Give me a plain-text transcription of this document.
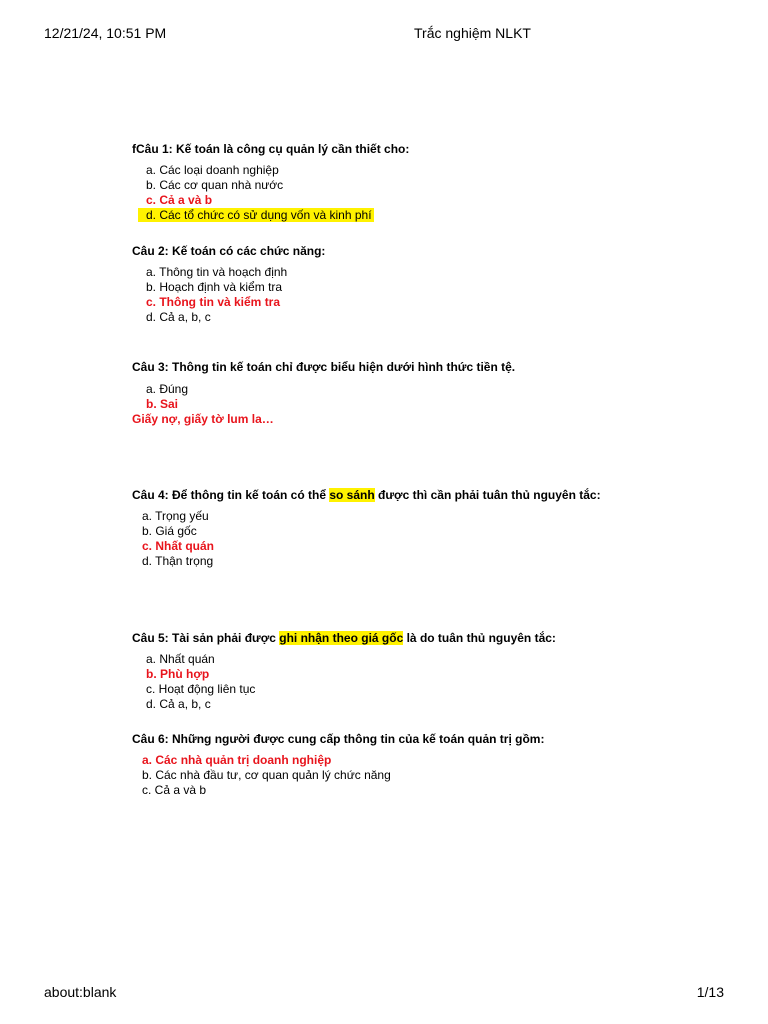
12/21/24, 10:51 PM	Trắc nghiệm NLKT
fCâu 1: Kế toán là công cụ quản lý cần thiết cho:
a. Các loại doanh nghiệp
b. Các cơ quan nhà nước
c. Cả a và b
d. Các tổ chức có sử dụng vốn và kinh phí
Câu 2: Kế toán có các chức năng:
a. Thông tin và hoạch định
b. Hoạch định và kiểm tra
c. Thông tin và kiểm tra
d. Cả a, b, c
Câu 3: Thông tin kế toán chỉ được biểu hiện dưới hình thức tiền tệ.
a. Đúng
b. Sai
Giấy nợ, giấy tờ lum la…
Câu 4: Để thông tin kế toán có thể so sánh được thì cần phải tuân thủ nguyên tắc:
a. Trọng yếu
b. Giá gốc
c. Nhất quán
d. Thận trọng
Câu 5: Tài sản phải được ghi nhận theo giá gốc là do tuân thủ nguyên tắc:
a. Nhất quán
b. Phù hợp
c. Hoạt động liên tục
d. Cả a, b, c
Câu 6: Những người được cung cấp thông tin của kế toán quản trị gồm:
a. Các nhà quản trị doanh nghiệp
b. Các nhà đầu tư, cơ quan quản lý chức năng
c. Cả a và b
about:blank	1/13
